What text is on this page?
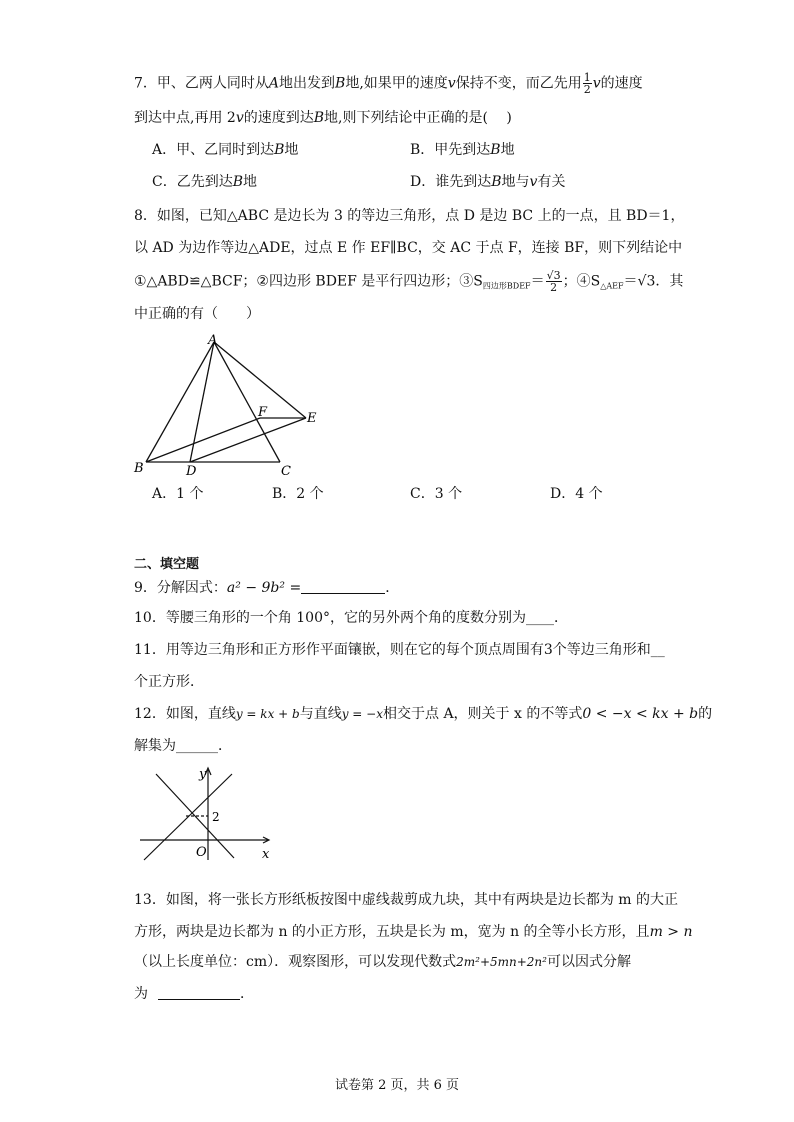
7．甲、乙两人同时从A地出发到B地,如果甲的速度v保持不变，而乙先用 $\frac{1}{2}$ v的速度
到达中点,再用 2v的速度到达B地,则下列结论中正确的是(　 )
A．甲、乙同时到达B地	B．甲先到达B地
C．乙先到达B地	D．谁先到达B地与v有关
8．如图，已知△ABC 是边长为 3 的等边三角形，点 D 是边 BC 上的一点，且 BD＝1，
以 AD 为边作等边△ADE，过点 E 作 EF∥BC，交 AC 于点 F，连接 BF，则下列结论中
①△ABD≌△BCF；②四边形 BDEF 是平行四边形；$③S_{四边形BDEF}= \frac{√3}{2}$ ；$④S_{\triangle AEF}=√3$．其
中正确的有（　　）
A
B	C
D
E
F
A．1 个	B．2 个	C．3 个	D．4 个
二、填空题
9．分解因式：a² − 9b² =	．
10．等腰三角形的一个角 100°，它的另外两个角的度数分别为____．
11．用等边三角形和正方形作平面镶嵌，则在它的每个顶点周围有3个等边三角形和__
个正方形．
12．如图，直线y = kx + b与直线y = −x相交于点 A，则关于 x 的不等式0 < −x < kx + b的
解集为______．
y
x
O
2
13．如图，将一张长方形纸板按图中虚线裁剪成九块，其中有两块是边长都为 m 的大正
方形，两块是边长都为 n 的小正方形，五块是长为 m，宽为 n 的全等小长方形，且m > n
（以上长度单位：cm）．观察图形，可以发现代数式2m²+5mn+2n²可以因式分解
为	．
试卷第 2 页，共 6 页
